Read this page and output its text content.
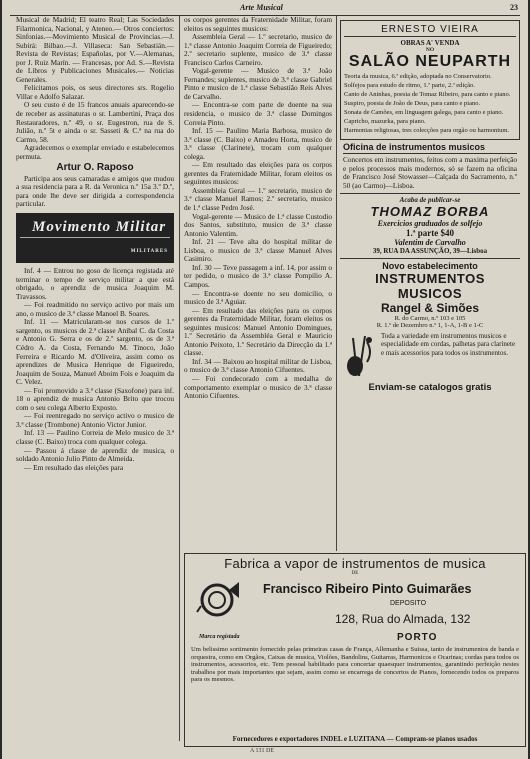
Arte Musical	23

Musical de Madrid; El teatro Real; Las Sociedades Filarmonica, Nacional, y Ateneo.— Otros conciertos: Sinfonias.—Movimiento Musical de Provincias.—J. Subirá: Bilbao.—J. Villaseca: San Sebastián.— Revista de Revistas; Españolas, por V.—Alemanas, por J. Ruiz Marín. — Francesas, por Ad. S.—Revista de Libros y Publicaciones Musicales.— Noticias Generales.

Felicitamos pois, os seus directores srs. Rogelio Villar e Adolfo Salazar.

O seu custo é de 15 francos anuais aparecendo-se de receber as assinaturas o sr. Lambertini, Praça dos Restauradores, n.º 49, o sr. Eugestron, rua de S. Julião, n.º 5t e ainda o sr. Sasseti & C.ª na rua do Carmo, 58.

Agradecemos o exemplar enviado e estabelecemos permuta.

Artur O. Raposo

Participa aos seus camaradas e amigos que mudou a sua residencia para a R. da Veronica n.º 15a 3.º D.º, para onde lhe deve ser dirigida a correspondencia particular.

Movimento Militar
MILITARES

Inf. 4 — Entrou no goso de licença registada até terminar o tempo de serviço militar a que está obrigado, o aprendiz de musica Joaquim M. Travassos.

— Foi readmitido no serviço activo por mais um ano, o musico de 3.ª classe Manoel B. Soares.

Inf. 11 — Matricularam-se nos cursos de 1.º sargento, os musicos de 2.ª classe Anibal C. da Costa e Antonio G. Serra e os de 2.º sargento, os de 3.ª Cédro A. da Costa, Fernando M. Tinoco, João Ferreira e Ricardo M. d'Oliveira, assim como os aprendizes de Musica Henrique de Figueiredo, Joaquim de Souza, Manuel Aboim Fois e Joaquim da C. Velez.

— Foi promovido a 3.ª classe (Saxofone) para inf. 18 o aprendiz de musica Antonio Brito que trocou com o seu colega Alberto Exposto.

— Foi reentregado no serviço activo o musico de 3.ª classe (Trombone) Antonio Victor Junior.

Inf. 13 — Paulino Correia de Melo musico de 3.ª classe (C. Baixo) troca com qualquer colega.

— Passou á classe de aprendiz de musica, o soldado Antonio Julio Pinto de Almeida.

— Em resultado das eleições para

os corpos gerentes da Fraternidade Militar, foram eleitos os seguintes musicos:

Assembleia Geral — 1.º secretario, musico de 1.ª classe Antonio Joaquim Correia de Figueiredo; 2.º secretario suplente, musico de 3.ª classe Francisco Carlos Carneiro.

Vogal-gerente — Musico de 3.ª João Fernandes; suplentes, musico de 3.ª classe Gabriel Pinto e musico de 1.ª classe Sebastião Reis Alves de Carvalho.

— Encontra-se com parte de doente na sua residencia, o musico de 3.ª classe Domingos Correia Pinto.

Inf. 15 — Paulino Maria Barbosa, musico de 3.ª classe (C. Baixo) e Amadeu Horta, musico de 3.ª classe (Clarinete), trocam com qualquer colega.

— Em resultado das eleições para os corpos gerentes da Fraternidade Militar, foram eleitos os seguintes musicos:

Assembleia Geral — 1.º secretario, musico de 3.ª classe Manuel Ramos; 2.º secretario, musico de 1.ª classe Pedro José.

Vogal-gerente — Musico de 1.ª classe Custodio dos Santos, substituto, musico de 3.ª classe Antonio Valentim.

Inf. 21 — Teve alta do hospital militar de Lisboa, o musico de 3.ª classe Manuel Alves Casimiro.

Inf. 30 — Teve passagem a inf. 14, por assim o ter pedido, o musico de 3.ª classe Pompilio A. Campos.

— Encontra-se doente no seu domicilio, o musico de 3.ª Aguiar.

— Em resultado das eleições para os corpos gerentes da Fraternidade Militar, foram eleitos os seguintes musicos: Manuel Antonio Domingues, 1.º Secretário da Assembléa Geral e Mauricio Antonio Peixoto, 1.º Secretário da Direcção da 1.ª classe.

Inf. 34 — Baixou ao hospital militar de Lisboa, o musico de 3.ª classe Antonio Cifuentes.

— Foi condecorado com a medalha de comportamento exemplar o musico de 3.ª classe Antonio Cifuentes.

ERNESTO VIEIRA
OBRAS A' VENDA
NO
SALÃO NEUPARTH
Teoria da musica, 6.ª edição, adoptada no Conservatorio.
Solfejos para estudo de ritmo, 1.ª parte, 2.ª edição.
Canto de Aninhas, poesia de Tomaz Ribeiro, para canto e piano.
Suspiro, poesia de João de Deus, para canto e piano.
Sonata de Camões, em linguagem galega, para canto e piano.
Capricho, mazurka, para piano.
Harmonias religiosas, tres colecções para orgão ou harmonium.
Oficina de instrumentos musicos
Concertos em instrumentos, feitos com a maxima perfeição e pelos processos mais modernos, só se fazem na oficina de Francisco José Stowasser—Calçada do Sacramento, n.º 50 (ao Carmo)—Lisboa.
Acaba de publicar-se
THOMAZ BORBA
Exercicios graduados de solfejo
1.ª parte $40
Valentim de Carvalho
39, RUA DA ASSUNÇÃO, 39—Lisboa
Novo estabelecimento
INSTRUMENTOS MUSICOS
Rangel & Simões
R. do Carmo, n.º 103 e 105
R. 1.º de Dezembro n.º 1, 1-A, 1-B e 1-C
Toda a variedade em instrumentos musicos e especialidade em cordas, palhetas para clarinete e mais acessorios para todos os instrumentos.
Enviam-se catalogos gratis
Fabrica a vapor de instrumentos de musica
DE
Francisco Ribeiro Pinto Guimarães
DEPOSITO
128, Rua do Almada, 132
PORTO
Marca registada
Um belissimo sortimento fornecido pelas primeiras casas de França, Allemanha e Suissa, tanto de instrumentos de banda e orquestra, como em Orgãos, Caixas de musica, Violões, Bandolins, Guitarras, Harmonicos e Ocarinas; cordas para todos os instrumentos, acessorios, etc. Tem pessoal habilitado para concertar quaesquer instrumentos, garantindo perfeição nestes trabalhos por mais importantes que sejam, assim como se encarrega de concertos de Pianos, fornecendo todos os preparos para os mesmos.
Fornecedores e exportadores INDEL e LUZITANA — Compram-se pianos usados
A 131 DE
